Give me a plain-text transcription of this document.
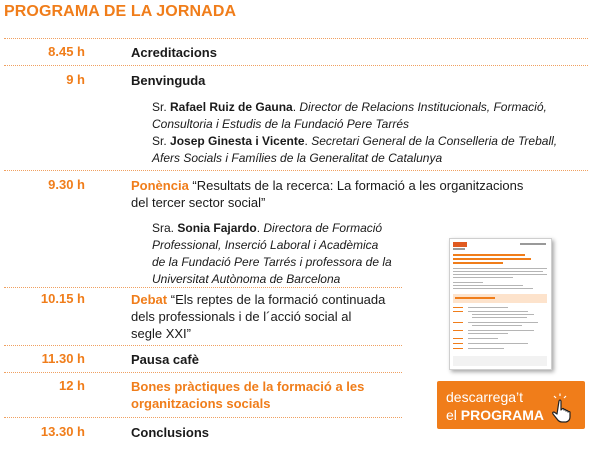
PROGRAMA DE LA JORNADA
8.45 h	Acreditacions
9 h	Benvinguda
Sr. Rafael Ruiz de Gauna. Director de Relacions Institucionals, Formació,
Consultoria i Estudis de la Fundació Pere Tarrés
Sr. Josep Ginesta i Vicente. Secretari General de la Conselleria de Treball,
Afers Socials i Famílies de la Generalitat de Catalunya
9.30 h	Ponència “Resultats de la recerca: La formació a les organitzacions
del tercer sector social”
Sra. Sonia Fajardo. Directora de Formació
Professional, Inserció Laboral i Acadèmica
de la Fundació Pere Tarrés i professora de la
Universitat Autònoma de Barcelona
10.15 h	Debat “Els reptes de la formació continuada
dels professionals i de l´acció social al
segle XXI”
11.30 h	Pausa cafè
12 h	Bones pràctiques de la formació a les
organitzacions socials
13.30 h	Conclusions
descarrega’t
el PROGRAMA
